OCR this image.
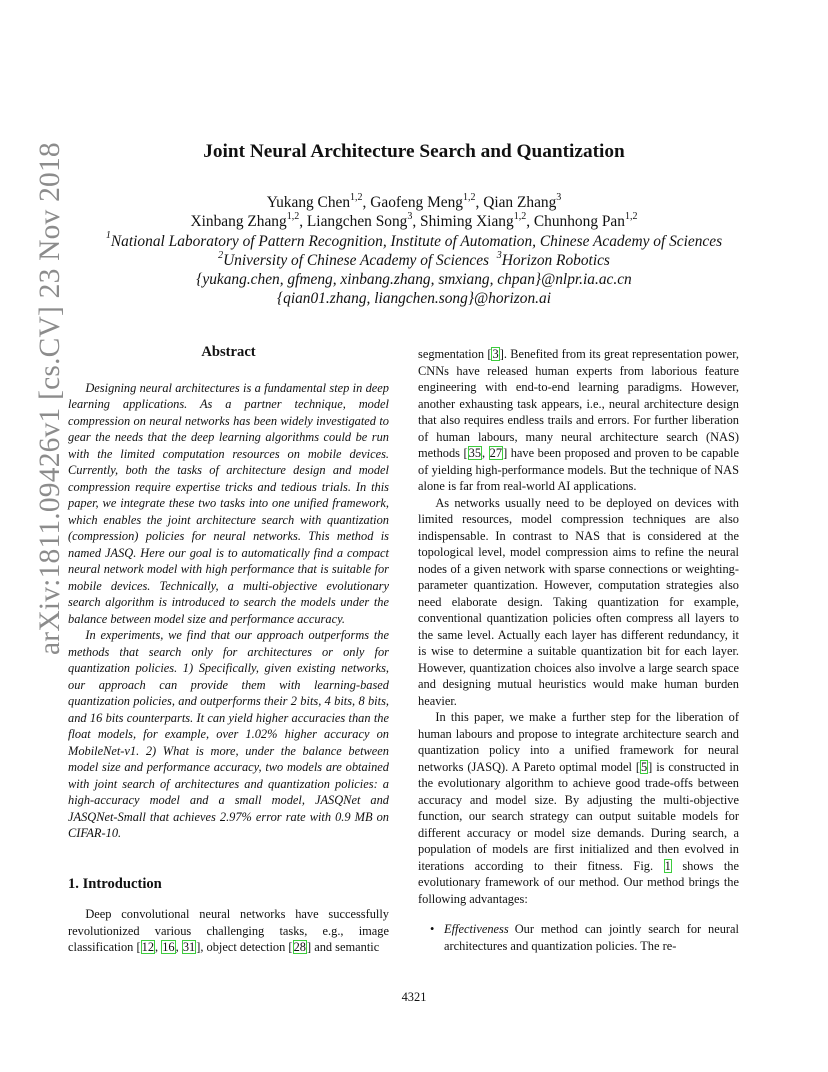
arXiv:1811.09426v1 [cs.CV] 23 Nov 2018	Joint Neural Architecture Search and Quantization
Yukang Chen$^{1,2}$, Gaofeng Meng$^{1,2}$, Qian Zhang$^3$
Xinbang Zhang$^{1,2}$, Liangchen Song$^3$, Shiming Xiang$^{1,2}$, Chunhong Pan$^{1,2}$
$^1$National Laboratory of Pattern Recognition, Institute of Automation, Chinese Academy of Sciences
$^2$University of Chinese Academy of Sciences $^3$Horizon Robotics
{yukang.chen, gfmeng, xinbang.zhang, smxiang, chpan}@nlpr.ia.ac.cn
{qian01.zhang, liangchen.song}@horizon.ai
Abstract

Designing neural architectures is a fundamental step in deep learning applications. As a partner technique, model compression on neural networks has been widely investigated to gear the needs that the deep learning algorithms could be run with the limited computation resources on mobile devices. Currently, both the tasks of architecture design and model compression require expertise tricks and tedious trials. In this paper, we integrate these two tasks into one unified framework, which enables the joint architecture search with quantization (compression) policies for neural networks. This method is named JASQ. Here our goal is to automatically find a compact neural network model with high performance that is suitable for mobile devices. Technically, a multi-objective evolutionary search algorithm is introduced to search the models under the balance between model size and performance accuracy.

In experiments, we find that our approach outperforms the methods that search only for architectures or only for quantization policies. 1) Specifically, given existing networks, our approach can provide them with learning-based quantization policies, and outperforms their 2 bits, 4 bits, 8 bits, and 16 bits counterparts. It can yield higher accuracies than the float models, for example, over 1.02% higher accuracy on MobileNet-v1. 2) What is more, under the balance between model size and performance accuracy, two models are obtained with joint search of architectures and quantization policies: a high-accuracy model and a small model, JASQNet and JASQNet-Small that achieves 2.97% error rate with 0.9 MB on CIFAR-10.

1. Introduction

Deep convolutional neural networks have successfully revolutionized various challenging tasks, e.g., image classification [12, 16, 31], object detection [28] and semantic

segmentation [3]. Benefited from its great representation power, CNNs have released human experts from laborious feature engineering with end-to-end learning paradigms. However, another exhausting task appears, i.e., neural architecture design that also requires endless trails and errors. For further liberation of human labours, many neural architecture search (NAS) methods [35, 27] have been proposed and proven to be capable of yielding high-performance models. But the technique of NAS alone is far from real-world AI applications.

As networks usually need to be deployed on devices with limited resources, model compression techniques are also indispensable. In contrast to NAS that is considered at the topological level, model compression aims to refine the neural nodes of a given network with sparse connections or weighting-parameter quantization. However, computation strategies also need elaborate design. Taking quantization for example, conventional quantization policies often compress all layers to the same level. Actually each layer has different redundancy, it is wise to determine a suitable quantization bit for each layer. However, quantization choices also involve a large search space and designing mutual heuristics would make human burden heavier.

In this paper, we make a further step for the liberation of human labours and propose to integrate architecture search and quantization policy into a unified framework for neural networks (JASQ). A Pareto optimal model [5] is constructed in the evolutionary algorithm to achieve good trade-offs between accuracy and model size. By adjusting the multi-objective function, our search strategy can output suitable models for different accuracy or model size demands. During search, a population of models are first initialized and then evolved in iterations according to their fitness. Fig. 1 shows the evolutionary framework of our method. Our method brings the following advantages:

• Effectiveness Our method can jointly search for neural architectures and quantization policies. The re-
4321
